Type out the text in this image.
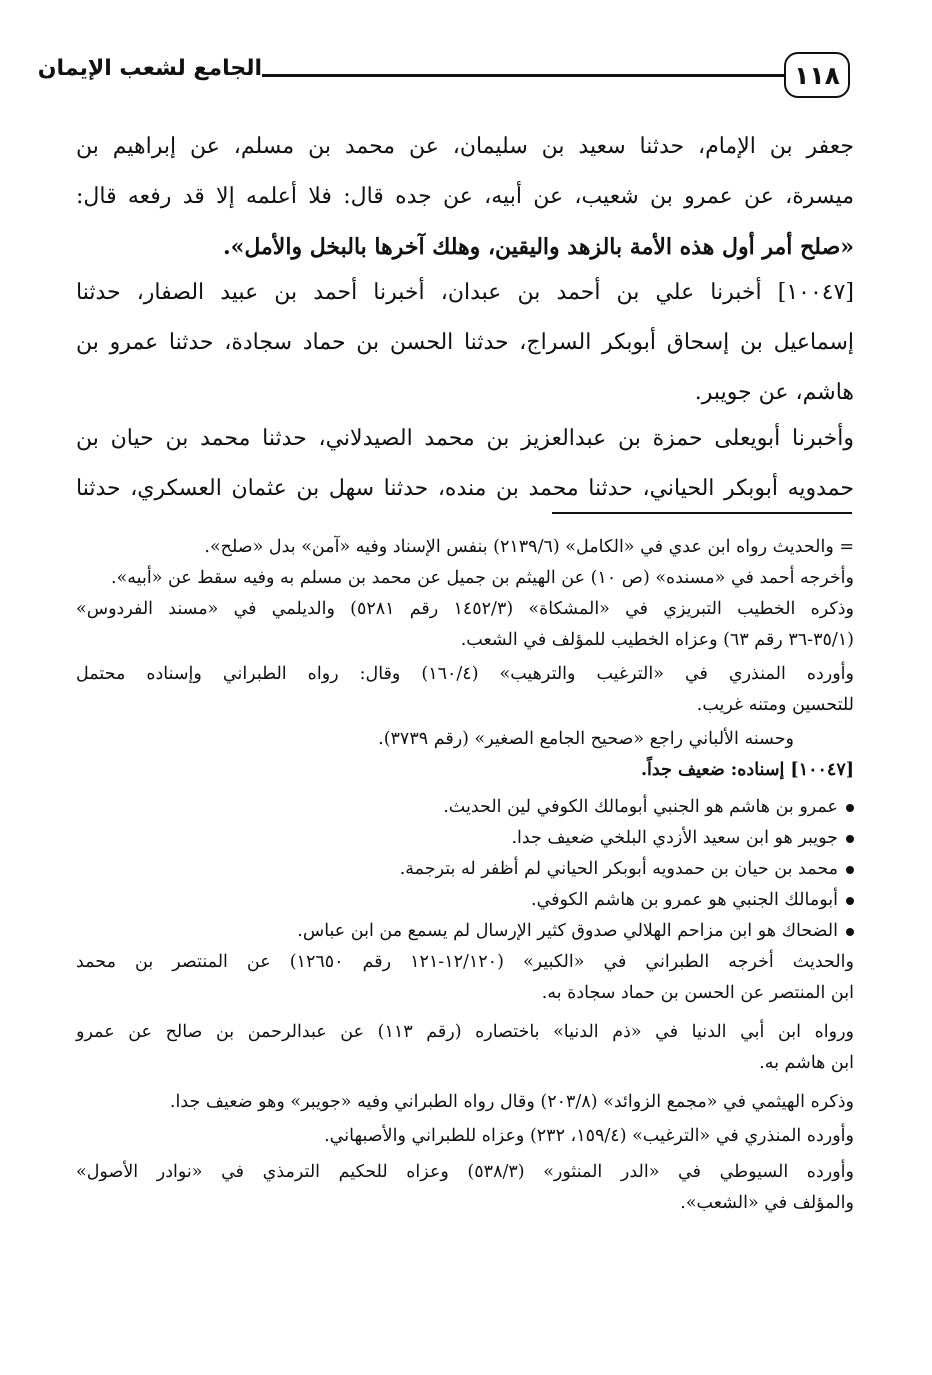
١١٨
الجامع لشعب الإيمان
جعفر بن الإمام، حدثنا سعيد بن سليمان، عن محمد بن مسلم، عن إبراهيم بن
ميسرة، عن عمرو بن شعيب، عن أبيه، عن جده قال: فلا أعلمه إلا قد رفعه قال:
«صلح أمر أول هذه الأمة بالزهد واليقين، وهلك آخرها بالبخل والأمل».
[١٠٠٤٧] أخبرنا علي بن أحمد بن عبدان، أخبرنا أحمد بن عبيد الصفار، حدثنا
إسماعيل بن إسحاق أبوبكر السراج، حدثنا الحسن بن حماد سجادة، حدثنا عمرو بن
هاشم، عن جويبر.
وأخبرنا أبويعلى حمزة بن عبدالعزيز بن محمد الصيدلاني، حدثنا محمد بن حيان بن
حمدويه أبوبكر الحياني، حدثنا محمد بن منده، حدثنا سهل بن عثمان العسكري، حدثنا
= والحديث رواه ابن عدي في «الكامل» (٢١٣٩/٦) بنفس الإسناد وفيه «آمن» بدل «صلح».
وأخرجه أحمد في «مسنده» (ص ١٠) عن الهيثم بن جميل عن محمد بن مسلم به وفيه سقط عن «أبيه».
وذكره الخطيب التبريزي في «المشكاة» (١٤٥٢/٣ رقم ٥٢٨١) والديلمي في «مسند الفردوس»
(٣٥/١-٣٦ رقم ٦٣) وعزاه الخطيب للمؤلف في الشعب.
وأورده المنذري في «الترغيب والترهيب» (١٦٠/٤) وقال: رواه الطبراني وإسناده محتمل
للتحسين ومتنه غريب.
وحسنه الألباني راجع «صحيح الجامع الصغير» (رقم ٣٧٣٩).
[١٠٠٤٧] إسناده: ضعيف جداً.
عمرو بن هاشم هو الجنبي أبومالك الكوفي لين الحديث.
جويبر هو ابن سعيد الأزدي البلخي ضعيف جدا.
محمد بن حيان بن حمدويه أبوبكر الحياني لم أظفر له بترجمة.
أبومالك الجنبي هو عمرو بن هاشم الكوفي.
الضحاك هو ابن مزاحم الهلالي صدوق كثير الإرسال لم يسمع من ابن عباس.
والحديث أخرجه الطبراني في «الكبير» (١٢/١٢٠-١٢١ رقم ١٢٦٥٠) عن المنتصر بن محمد
ابن المنتصر عن الحسن بن حماد سجادة به.
ورواه ابن أبي الدنيا في «ذم الدنيا» باختصاره (رقم ١١٣) عن عبدالرحمن بن صالح عن عمرو
ابن هاشم به.
وذكره الهيثمي في «مجمع الزوائد» (٢٠٣/٨) وقال رواه الطبراني وفيه «جويبر» وهو ضعيف جدا.
وأورده المنذري في «الترغيب» (١٥٩/٤، ٢٣٢) وعزاه للطبراني والأصبهاني.
وأورده السيوطي في «الدر المنثور» (٥٣٨/٣) وعزاه للحكيم الترمذي في «نوادر الأصول»
والمؤلف في «الشعب».
